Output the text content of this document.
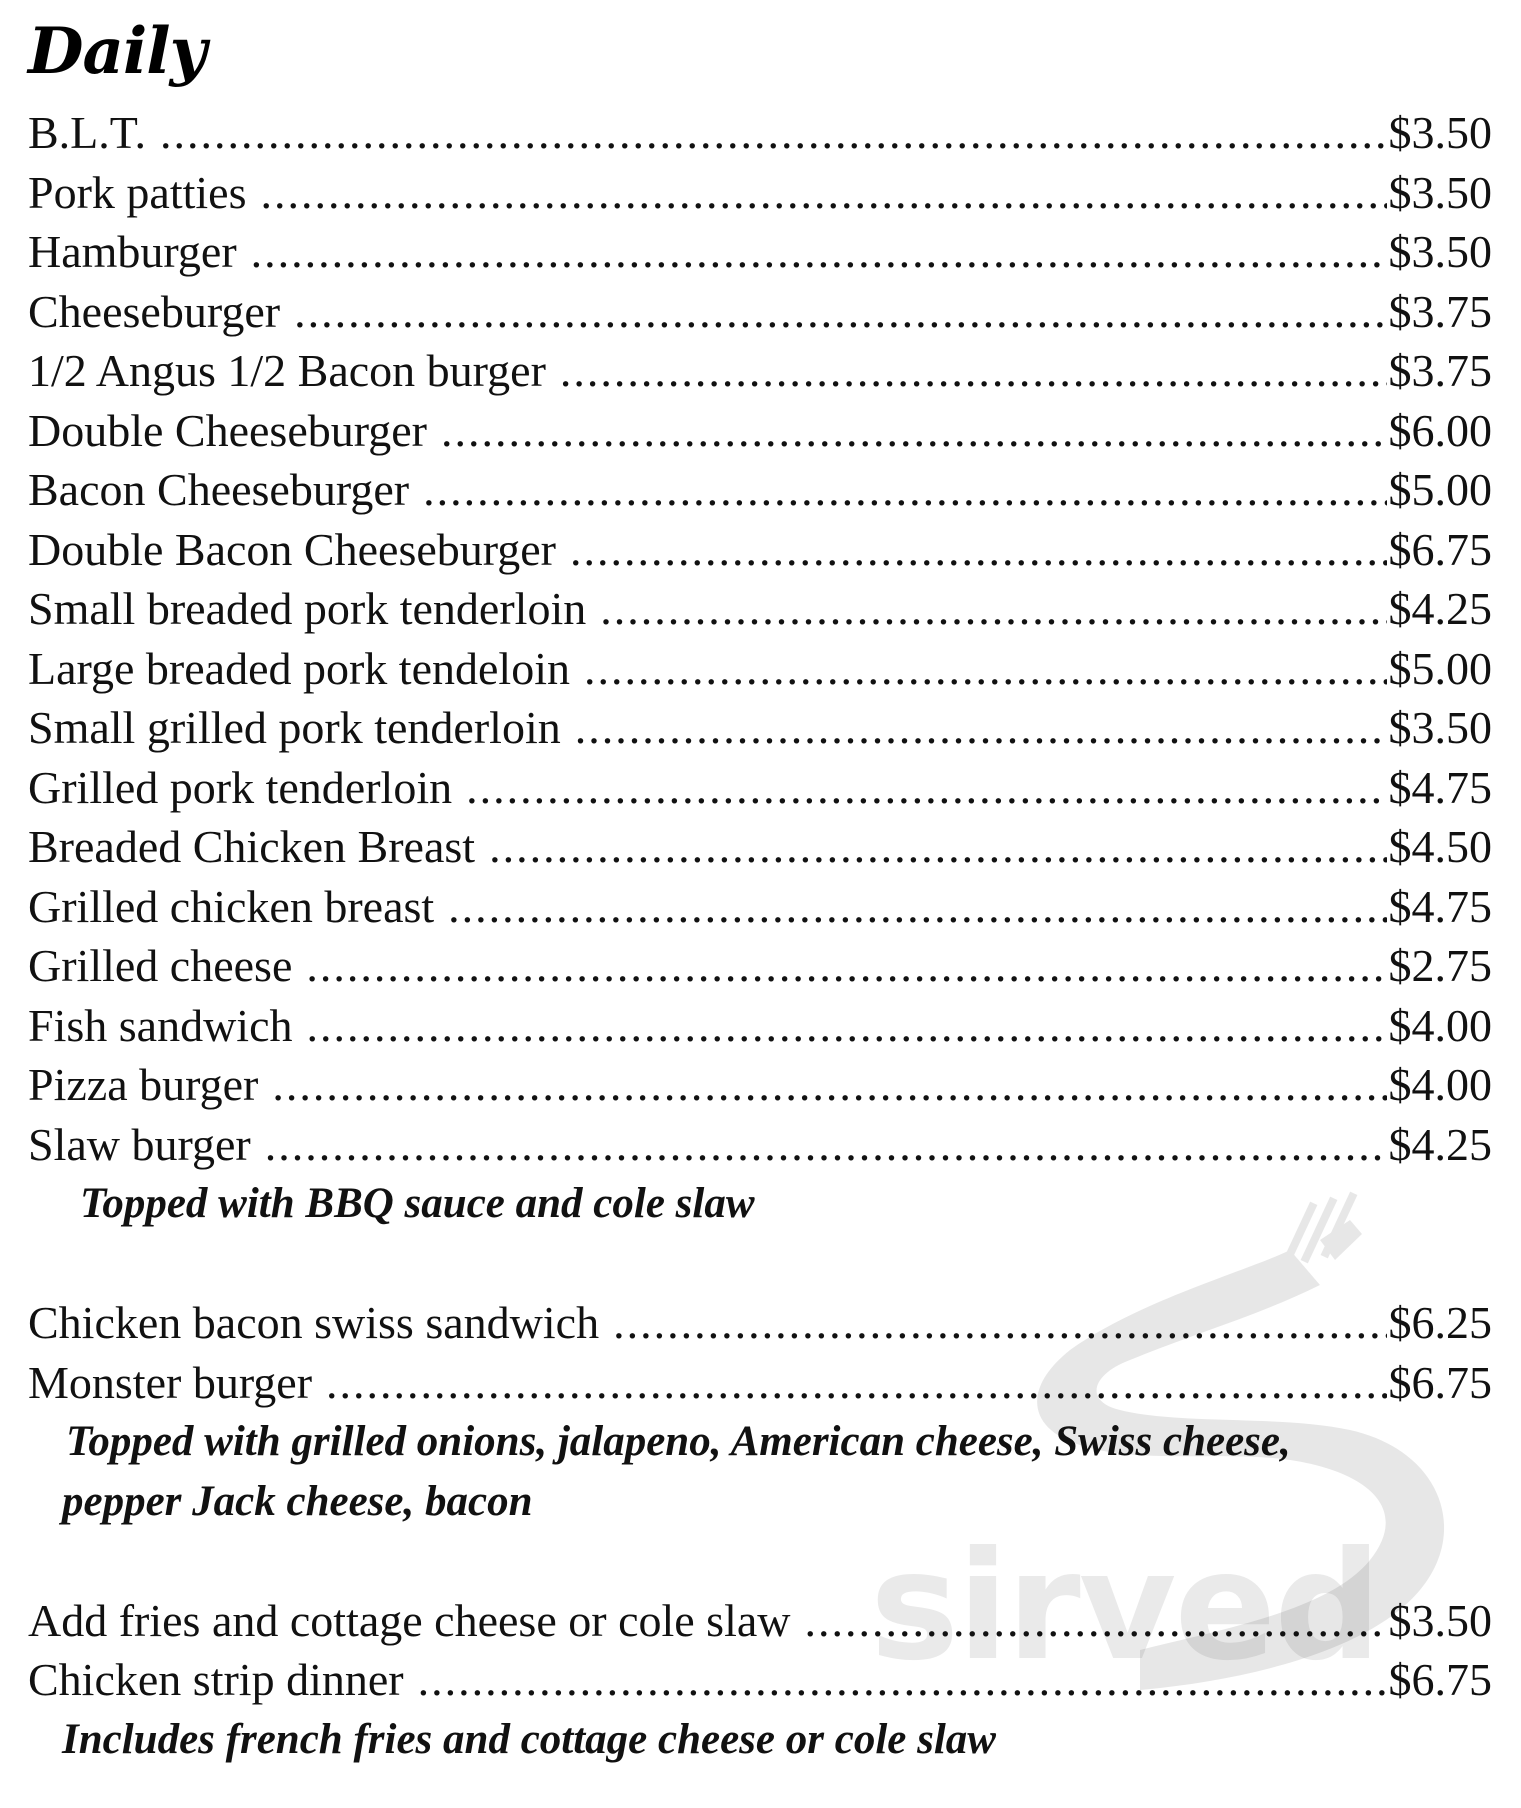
sirved
Daily
B.L.T. .....	$3.50
Pork patties .....	$3.50
Hamburger .....	$3.50
Cheeseburger .....	$3.75
1/2 Angus 1/2 Bacon burger .....	$3.75
Double Cheeseburger .....	$6.00
Bacon Cheeseburger .....	$5.00
Double Bacon Cheeseburger .....	$6.75
Small breaded pork tenderloin .....	$4.25
Large breaded pork tendeloin .....	$5.00
Small grilled pork tenderloin .....	$3.50
Grilled pork tenderloin .....	$4.75
Breaded Chicken Breast .....	$4.50
Grilled chicken breast .....	$4.75
Grilled cheese .....	$2.75
Fish sandwich .....	$4.00
Pizza burger .....	$4.00
Slaw burger .....	$4.25
Topped with BBQ sauce and cole slaw
Chicken bacon swiss sandwich .....	$6.25
Monster burger .....	$6.75
Topped with grilled onions, jalapeno, American cheese, Swiss cheese,
pepper Jack cheese, bacon
Add fries and cottage cheese or cole slaw .....	$3.50
Chicken strip dinner .....	$6.75
Includes french fries and cottage cheese or cole slaw
